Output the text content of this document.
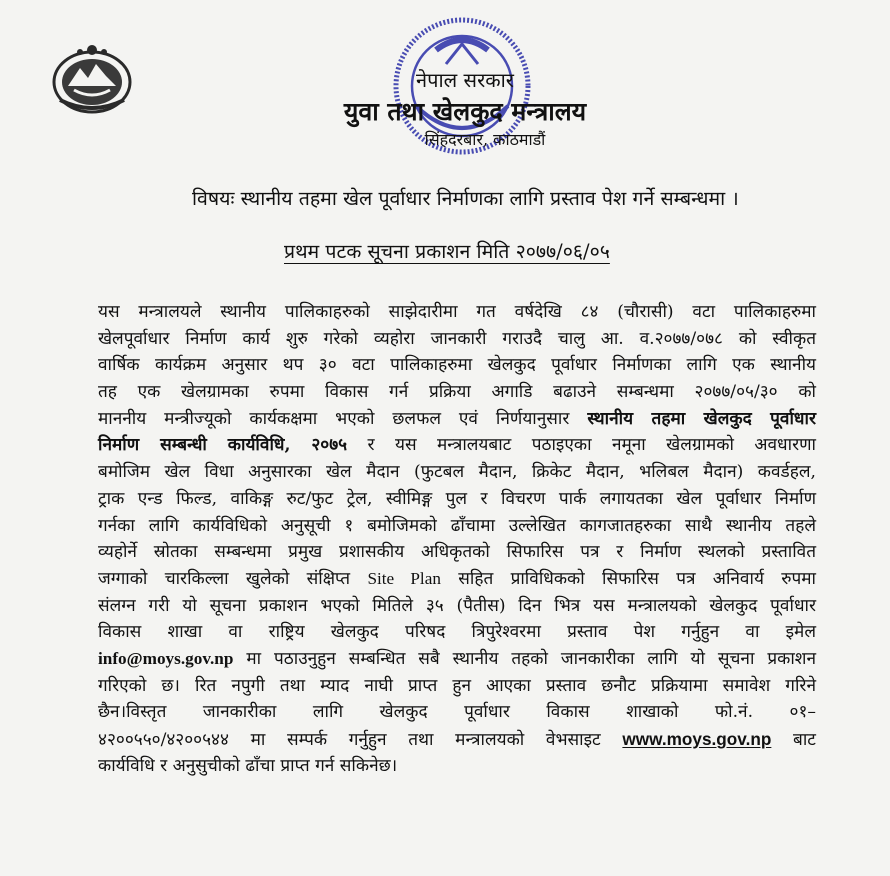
नेपाल सरकार
युवा तथा खेलकुद मन्त्रालय
सिंहदरबार, काठमाडौं
विषयः स्थानीय तहमा खेल पूर्वाधार निर्माणका लागि प्रस्ताव पेश गर्ने सम्बन्धमा ।
प्रथम पटक सूचना प्रकाशन मिति २०७७/०६/०५
यस मन्त्रालयले स्थानीय पालिकाहरुको साझेदारीमा गत वर्षदेखि ८४ (चौरासी) वटा पालिकाहरुमा
खेलपूर्वाधार निर्माण कार्य शुरु गरेको व्यहोरा जानकारी गराउदै चालु आ. व.२०७७/०७८ को स्वीकृत
वार्षिक कार्यक्रम अनुसार थप ३० वटा पालिकाहरुमा खेलकुद पूर्वाधार निर्माणका लागि एक स्थानीय
तह एक खेलग्रामका रुपमा विकास गर्न प्रक्रिया अगाडि बढाउने सम्बन्धमा २०७७/०५/३० को
माननीय मन्त्रीज्यूको कार्यकक्षमा भएको छलफल एवं निर्णयानुसार स्थानीय तहमा खेलकुद पूर्वाधार
निर्माण सम्बन्धी कार्यविधि, २०७५ र यस मन्त्रालयबाट पठाइएका नमूना खेलग्रामको अवधारणा
बमोजिम खेल विधा अनुसारका खेल मैदान (फुटबल मैदान, क्रिकेट मैदान, भलिबल मैदान) कवर्डहल,
ट्राक एन्ड फिल्ड, वाकिङ्ग रुट/फुट ट्रेल, स्वीमिङ्ग पुल र विचरण पार्क लगायतका खेल पूर्वाधार निर्माण
गर्नका लागि कार्यविधिको अनुसूची १ बमोजिमको ढाँचामा उल्लेखित कागजातहरुका साथै स्थानीय तहले
व्यहोर्ने स्रोतका सम्बन्धमा प्रमुख प्रशासकीय अधिकृतको सिफारिस पत्र र निर्माण स्थलको प्रस्तावित
जग्गाको चारकिल्ला खुलेको संक्षिप्त Site Plan सहित प्राविधिकको सिफारिस पत्र अनिवार्य रुपमा
संलग्न गरी यो सूचना प्रकाशन भएको मितिले ३५ (पैतीस) दिन भित्र यस मन्त्रालयको खेलकुद पूर्वाधार
विकास शाखा वा राष्ट्रिय खेलकुद परिषद त्रिपुरेश्वरमा प्रस्ताव पेश गर्नुहुन वा इमेल
info@moys.gov.np मा पठाउनुहुन सम्बन्धित सबै स्थानीय तहको जानकारीका लागि यो सूचना प्रकाशन
गरिएको छ। रित नपुगी तथा म्याद नाघी प्राप्त हुन आएका प्रस्ताव छनौट प्रक्रियामा समावेश गरिने
छैन।विस्तृत जानकारीका लागि खेलकुद पूर्वाधार विकास शाखाको फो.नं. ०१–
४२००५५०/४२००५४४ मा सम्पर्क गर्नुहुन तथा मन्त्रालयको वेभसाइट www.moys.gov.np बाट
कार्यविधि र अनुसुचीको ढाँचा प्राप्त गर्न सकिनेछ।
